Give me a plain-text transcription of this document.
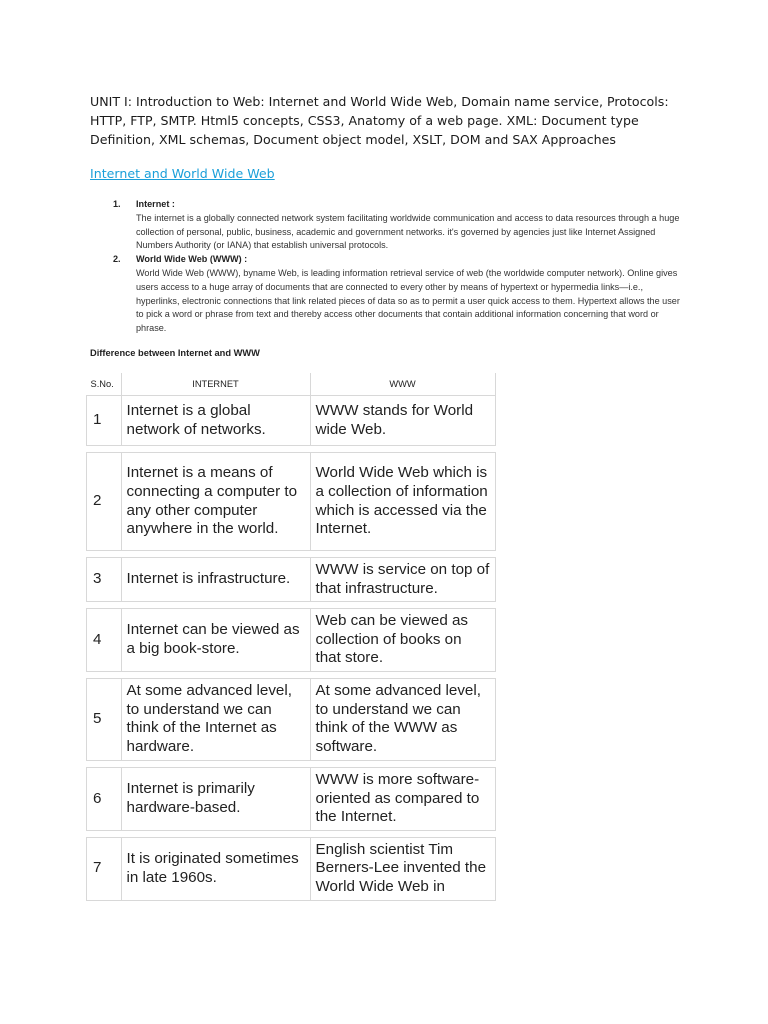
UNIT I: Introduction to Web: Internet and World Wide Web, Domain name service, Protocols: HTTP, FTP, SMTP. Html5 concepts, CSS3, Anatomy of a web page. XML: Document type Definition, XML schemas, Document object model, XSLT, DOM and SAX Approaches
Internet and World Wide Web
1. Internet :
The internet is a globally connected network system facilitating worldwide communication and access to data resources through a huge collection of personal, public, business, academic and government networks. it's governed by agencies just like Internet Assigned Numbers Authority (or IANA) that establish universal protocols.
2. World Wide Web (WWW) :
World Wide Web (WWW), byname Web, is leading information retrieval service of web (the worldwide computer network). Online gives users access to a huge array of documents that are connected to every other by means of hypertext or hypermedia links—i.e., hyperlinks, electronic connections that link related pieces of data so as to permit a user quick access to them. Hypertext allows the user to pick a word or phrase from text and thereby access other documents that contain additional information concerning that word or phrase.
Difference between Internet and WWW
S.No.	INTERNET	WWW
1	Internet is a global network of networks.	WWW stands for World wide Web.

2	Internet is a means of connecting a computer to any other computer anywhere in the world.	World Wide Web which is a collection of information which is accessed via the Internet.

3	Internet is infrastructure.	WWW is service on top of that infrastructure.

4	Internet can be viewed as a big book-store.	Web can be viewed as collection of books on that store.

5	At some advanced level, to understand we can think of the Internet as hardware.	At some advanced level, to understand we can think of the WWW as software.

6	Internet is primarily hardware-based.	WWW is more software-oriented as compared to the Internet.

7	It is originated sometimes in late 1960s.	English scientist Tim Berners-Lee invented the World Wide Web in
